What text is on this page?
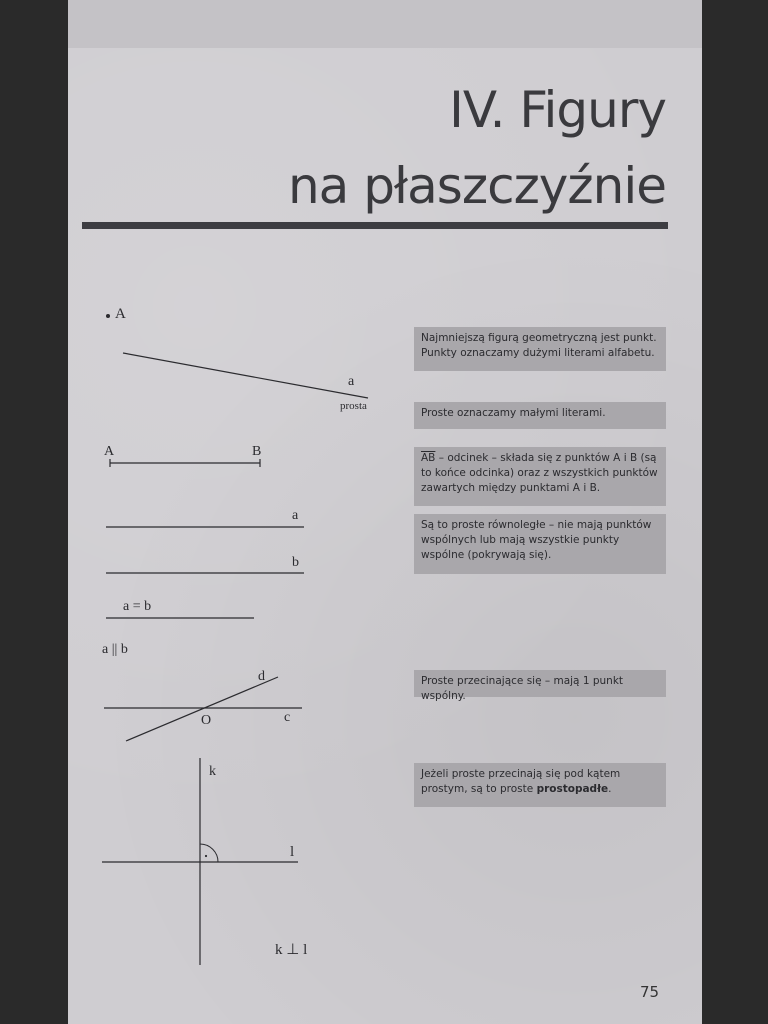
IV. Figury
na płaszczyźnie
A
a
prosta
A	B
a
b
a = b
a || b
d
O	c
k
l
k ⊥ l
Najmniejszą figurą geometryczną jest punkt. Punkty oznaczamy dużymi literami alfabetu.
Proste oznaczamy małymi literami.
$\overline{AB}$ – odcinek – składa się z punktów A i B (są to końce odcinka) oraz z wszystkich punktów zawartych między punktami A i B.
Są to proste równoległe – nie mają punktów wspólnych lub mają wszystkie punkty wspólne (pokrywają się).
Proste przecinające się – mają 1 punkt wspólny.
Jeżeli proste przecinają się pod kątem prostym, są to proste prostopadłe.
75
